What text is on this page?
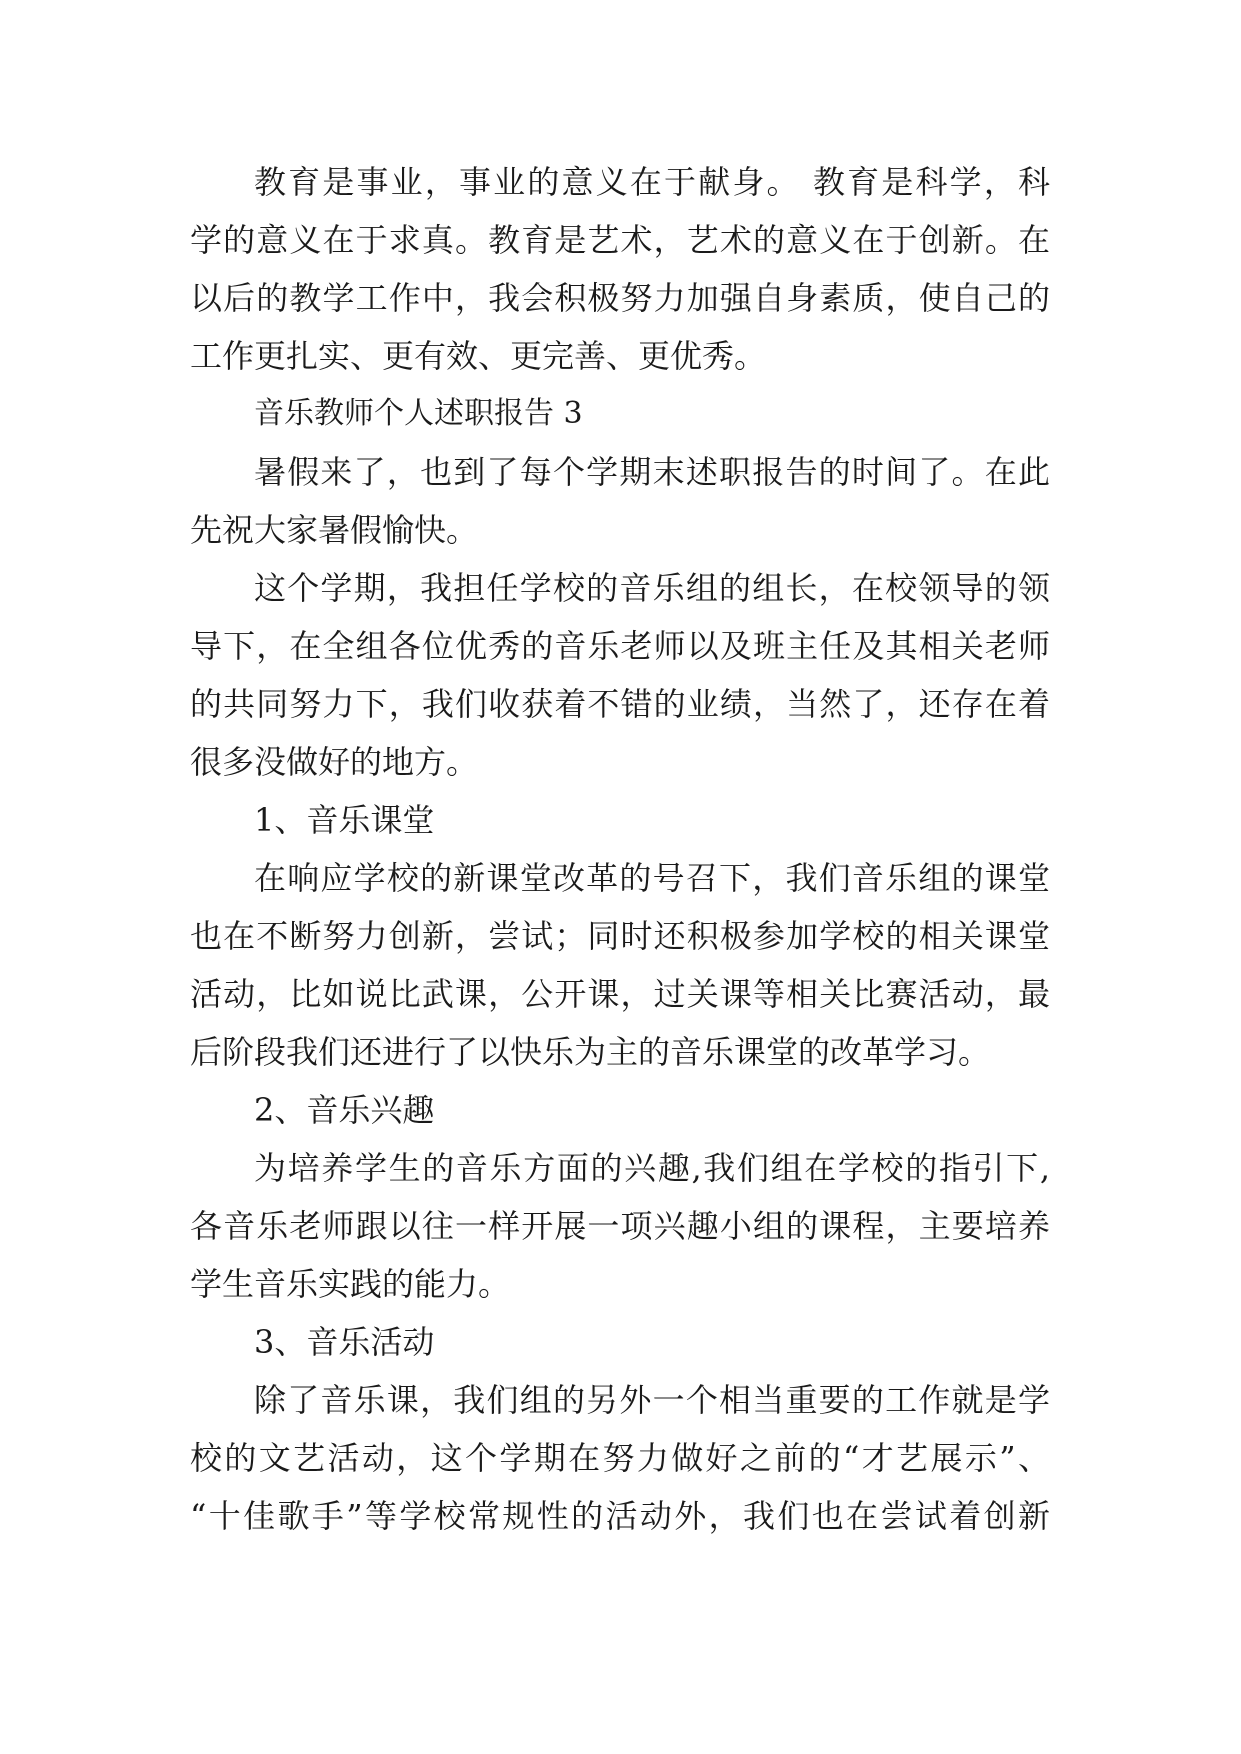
教育是事业，事业的意义在于献身。 教育是科学，科
学的意义在于求真。教育是艺术，艺术的意义在于创新。在
以后的教学工作中，我会积极努力加强自身素质，使自己的
工作更扎实、更有效、更完善、更优秀。
音乐教师个人述职报告 3
暑假来了，也到了每个学期末述职报告的时间了。在此
先祝大家暑假愉快。
这个学期，我担任学校的音乐组的组长，在校领导的领
导下，在全组各位优秀的音乐老师以及班主任及其相关老师
的共同努力下，我们收获着不错的业绩，当然了，还存在着
很多没做好的地方。
1、音乐课堂
在响应学校的新课堂改革的号召下，我们音乐组的课堂
也在不断努力创新，尝试；同时还积极参加学校的相关课堂
活动，比如说比武课，公开课，过关课等相关比赛活动，最
后阶段我们还进行了以快乐为主的音乐课堂的改革学习。
2、音乐兴趣
为培养学生的音乐方面的兴趣,我们组在学校的指引下,
各音乐老师跟以往一样开展一项兴趣小组的课程，主要培养
学生音乐实践的能力。
3、音乐活动
除了音乐课，我们组的另外一个相当重要的工作就是学
校的文艺活动，这个学期在努力做好之前的“才艺展示”、
“十佳歌手”等学校常规性的活动外，我们也在尝试着创新
